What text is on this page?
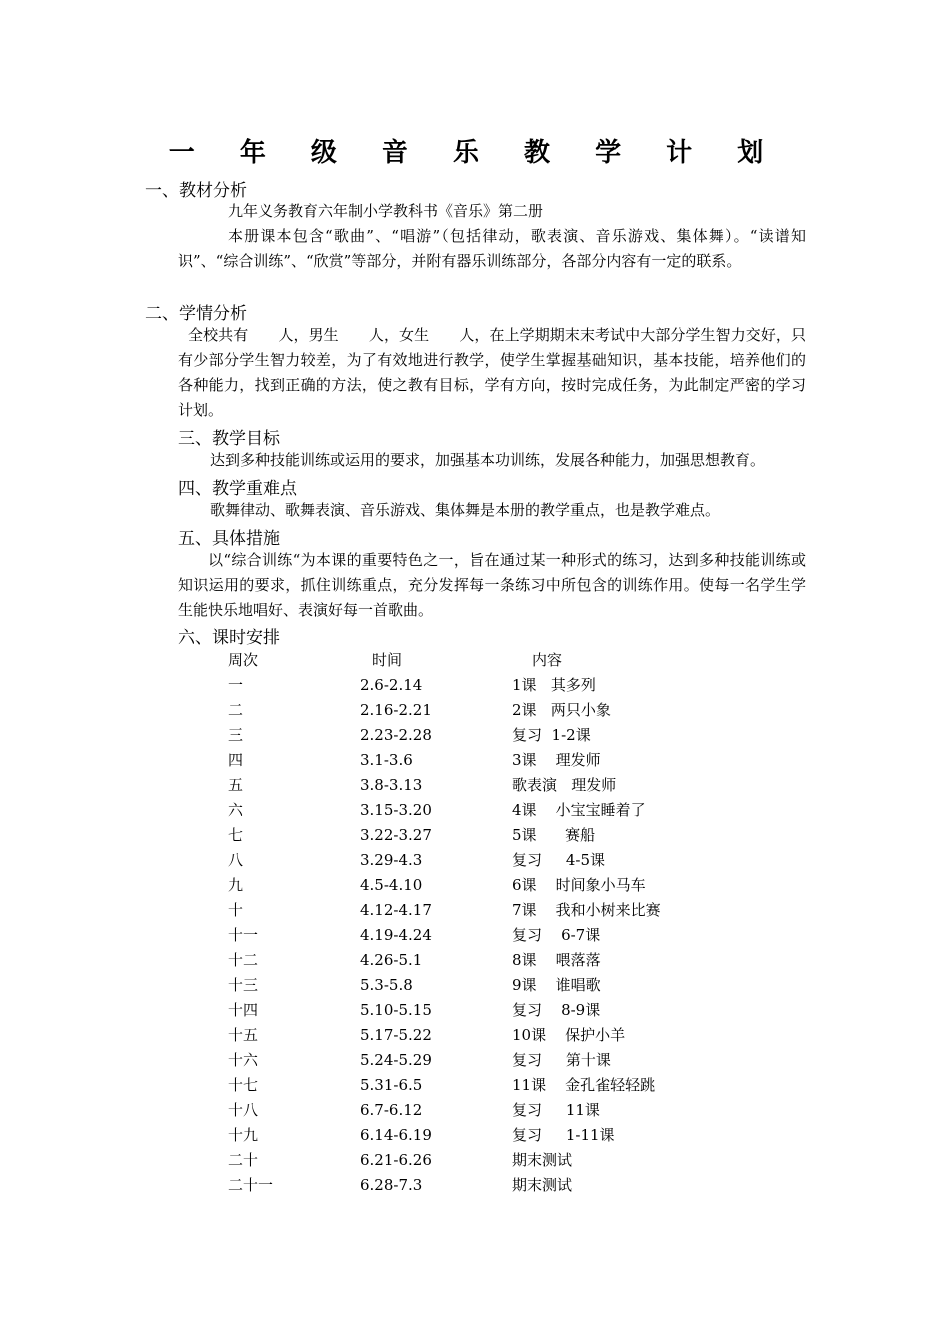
一 年 级 音 乐 教 学 计 划
一、教材分析
九年义务教育六年制小学教科书《音乐》第二册
本册课本包含“歌曲”、“唱游”（包括律动，歌表演、音乐游戏、集体舞）。“读谱知识”、“综合训练”、“欣赏”等部分，并附有器乐训练部分，各部分内容有一定的联系。
二、学情分析
全校共有　　人，男生　　人，女生　　人，在上学期期末末考试中大部分学生智力交好，只有少部分学生智力较差，为了有效地进行教学，使学生掌握基础知识，基本技能，培养他们的各种能力，找到正确的方法，使之教有目标，学有方向，按时完成任务，为此制定严密的学习计划。
三、教学目标
达到多种技能训练或运用的要求，加强基本功训练，发展各种能力，加强思想教育。
四、教学重难点
歌舞律动、歌舞表演、音乐游戏、集体舞是本册的教学重点，也是教学难点。
五、具体措施
以“综合训练“为本课的重要特色之一，旨在通过某一种形式的练习，达到多种技能训练或知识运用的要求，抓住训练重点，充分发挥每一条练习中所包含的训练作用。使每一名学生学生能快乐地唱好、表演好每一首歌曲。
六、课时安排
周次	时间	内容
一	2.6-2.14	1课   其多列
二	2.16-2.21	2课   两只小象
三	2.23-2.28	复习  1-2课
四	3.1-3.6	3课    理发师
五	3.8-3.13	歌表演   理发师
六	3.15-3.20	4课    小宝宝睡着了
七	3.22-3.27	5课      赛船
八	3.29-4.3	复习     4-5课
九	4.5-4.10	6课    时间象小马车
十	4.12-4.17	7课    我和小树来比赛
十一	4.19-4.24	复习    6-7课
十二	4.26-5.1	8课    喂落落
十三	5.3-5.8	9课    谁唱歌
十四	5.10-5.15	复习    8-9课
十五	5.17-5.22	10课    保护小羊
十六	5.24-5.29	复习     第十课
十七	5.31-6.5	11课    金孔雀轻轻跳
十八	6.7-6.12	复习     11课
十九	6.14-6.19	复习     1-11课
二十	6.21-6.26	期末测试
二十一	6.28-7.3	期末测试
